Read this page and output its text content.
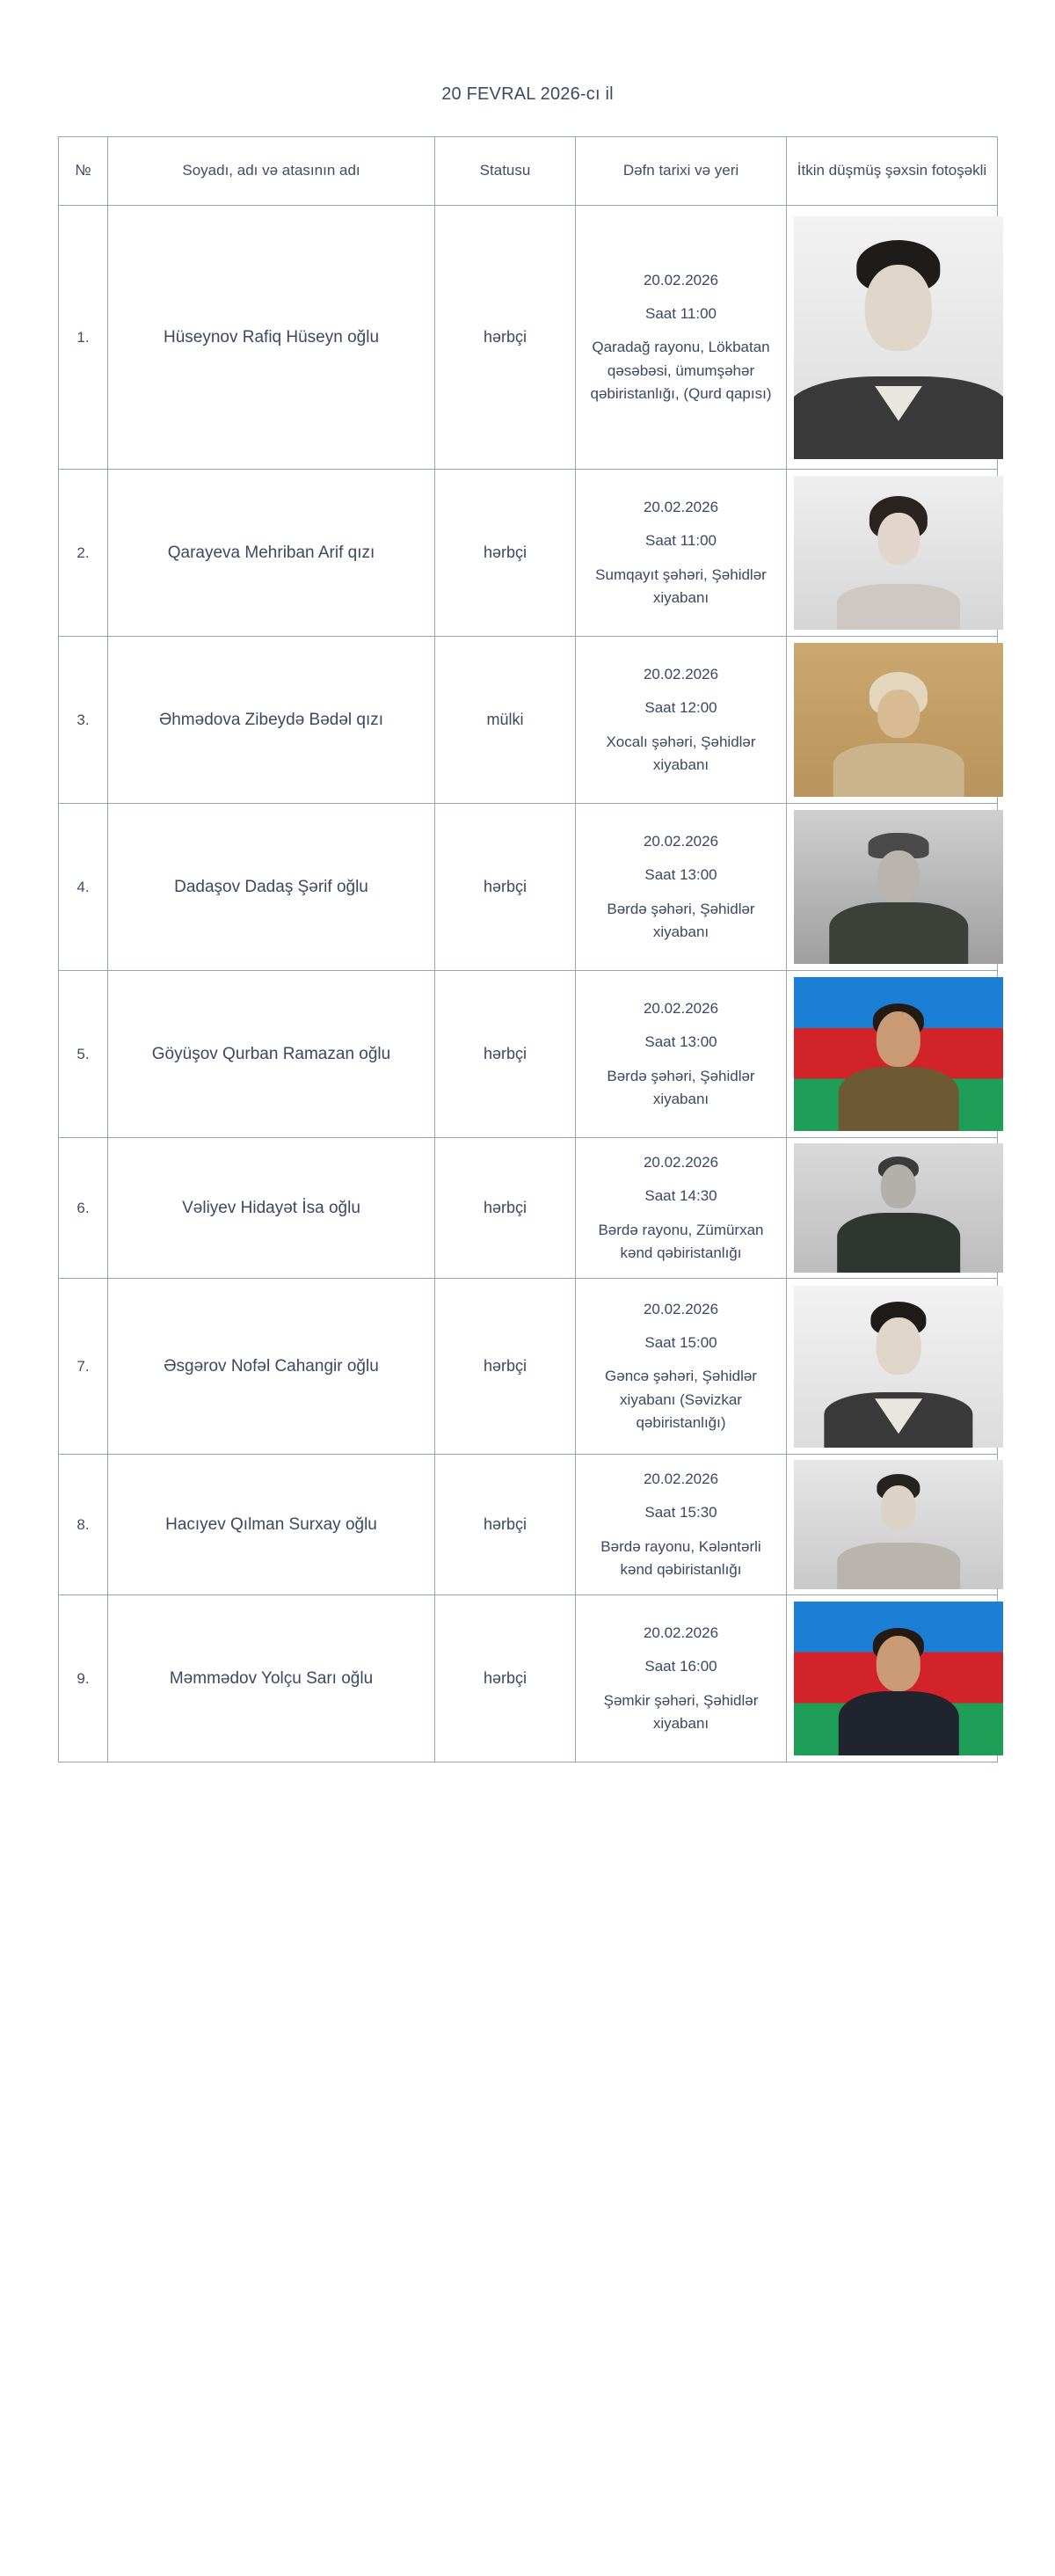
20 FEVRAL 2026-cı il
№	Soyadı, adı və atasının adı	Statusu	Dəfn tarixi və yeri	İtkin düşmüş şəxsin fotoşəkli
1.	Hüseynov Rafiq Hüseyn oğlu	hərbçi	20.02.2026
Saat 11:00
Qaradağ rayonu, Lökbatan qəsəbəsi, ümumşəhər qəbiristanlığı, (Qurd qapısı)	

2.	Qarayeva Mehriban Arif qızı	hərbçi	20.02.2026
Saat 11:00
Sumqayıt şəhəri, Şəhidlər xiyabanı	

3.	Əhmədova Zibeydə Bədəl qızı	mülki	20.02.2026
Saat 12:00
Xocalı şəhəri, Şəhidlər xiyabanı	

4.	Dadaşov Dadaş Şərif oğlu	hərbçi	20.02.2026
Saat 13:00
Bərdə şəhəri, Şəhidlər xiyabanı	

5.	Göyüşov Qurban Ramazan oğlu	hərbçi	20.02.2026
Saat 13:00
Bərdə şəhəri, Şəhidlər xiyabanı	

6.	Vəliyev Hidayət İsa oğlu	hərbçi	20.02.2026
Saat 14:30
Bərdə rayonu, Zümürxan kənd qəbiristanlığı	

7.	Əsgərov Nofəl Cahangir oğlu	hərbçi	20.02.2026
Saat 15:00
Gəncə şəhəri, Şəhidlər xiyabanı (Səvizkar qəbiristanlığı)	

8.	Hacıyev Qılman Surxay oğlu	hərbçi	20.02.2026
Saat 15:30
Bərdə rayonu, Kələntərli kənd qəbiristanlığı	

9.	Məmmədov Yolçu Sarı oğlu	hərbçi	20.02.2026
Saat 16:00
Şəmkir şəhəri, Şəhidlər xiyabanı	
